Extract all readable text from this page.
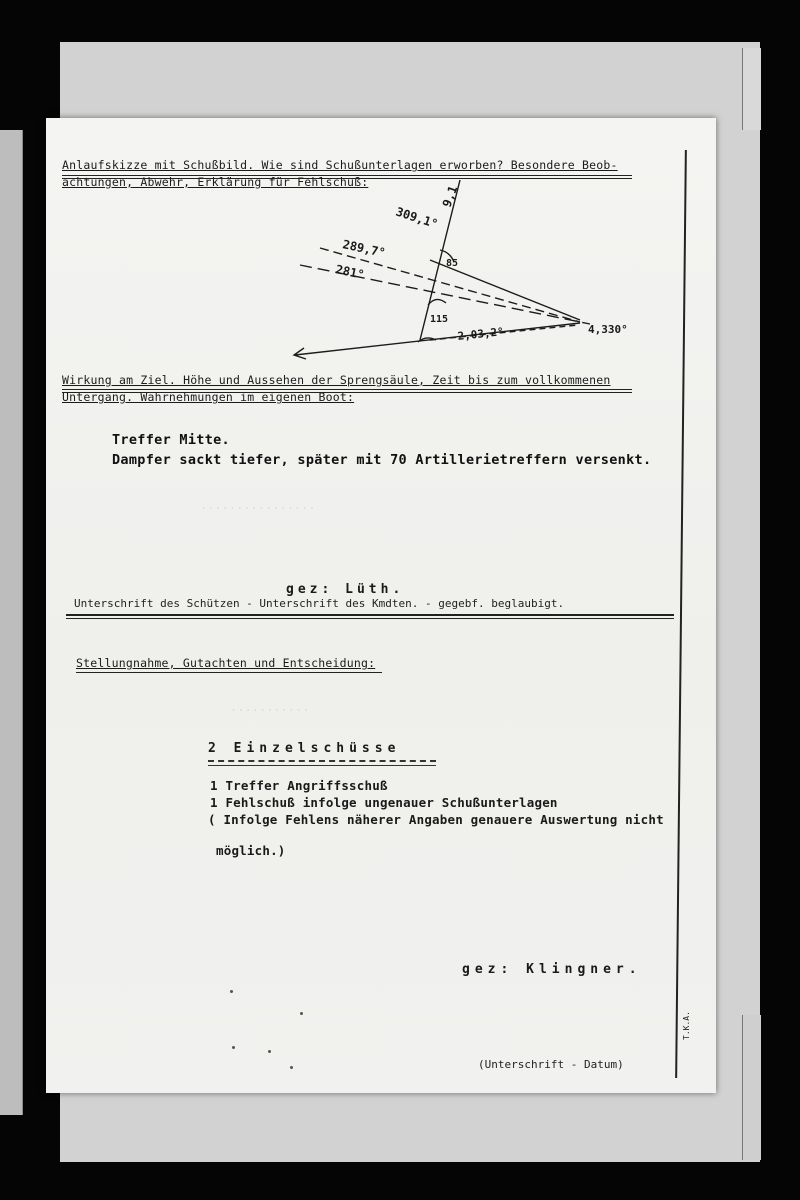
Anlaufskizze mit Schußbild. Wie sind Schußunterlagen erworben? Besondere Beob-
achtungen, Abwehr, Erklärung für Fehlschuß:
309,1°
9,1
289,7°
281°	85
115
2,03,2°	4,330°
Wirkung am Ziel. Höhe und Aussehen der Sprengsäule, Zeit bis zum vollkommenen
Untergang. Wahrnehmungen im eigenen Boot:
Treffer Mitte.
Dampfer sackt tiefer, später mit 70 Artillerietreffern versenkt.
................
...........
gez: Lüth.
Unterschrift des Schützen - Unterschrift des Kmdten. - gegebf. beglaubigt.
Stellungnahme, Gutachten und Entscheidung:
2 Einzelschüsse
1 Treffer Angriffsschuß
1 Fehlschuß infolge ungenauer Schußunterlagen
( Infolge Fehlens näherer Angaben genauere Auswertung nicht
möglich.)
gez: Klingner.
(Unterschrift - Datum)
T.K.A.
